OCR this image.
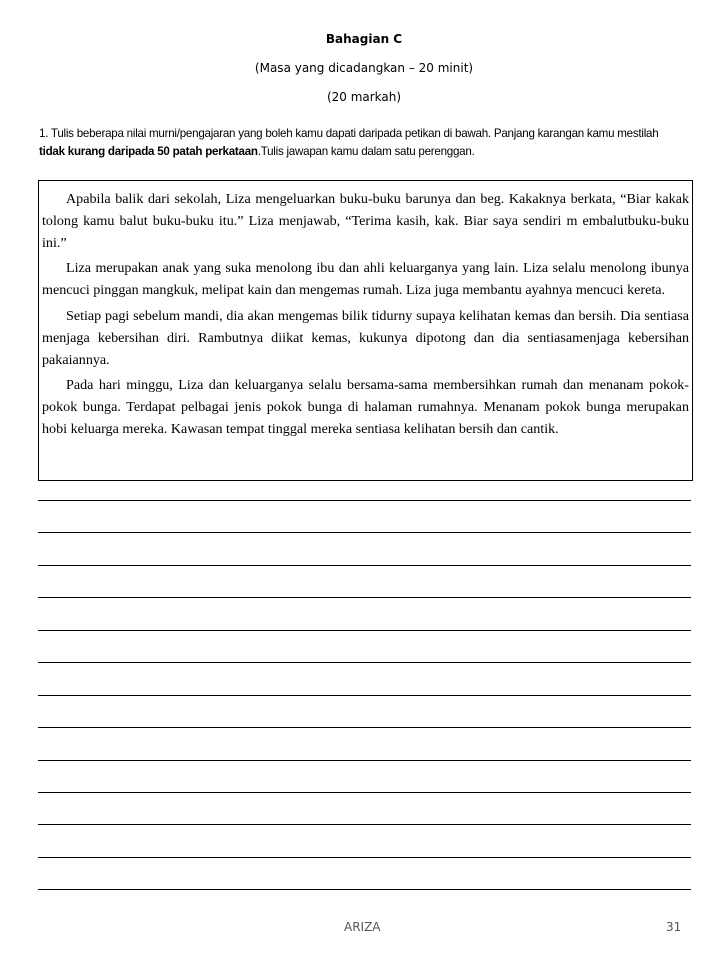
Bahagian C
(Masa yang dicadangkan – 20 minit)
(20 markah)
1. Tulis beberapa nilai murni/pengajaran yang boleh kamu dapati daripada petikan di bawah. Panjang karangan kamu mestilah tidak kurang daripada 50 patah perkataan.Tulis jawapan kamu dalam satu perenggan.

Apabila balik dari sekolah, Liza mengeluarkan buku-buku barunya dan beg. Kakaknya berkata, “Biar kakak tolong kamu balut buku-buku itu.” Liza menjawab, “Terima kasih, kak. Biar saya sendiri m embalutbuku-buku ini.”

Liza merupakan anak yang suka menolong ibu dan ahli keluarganya yang lain. Liza selalu menolong ibunya mencuci pinggan mangkuk, melipat kain dan mengemas rumah. Liza juga membantu ayahnya mencuci kereta.

Setiap pagi sebelum mandi, dia akan mengemas bilik tidurny supaya kelihatan kemas dan bersih. Dia sentiasa menjaga kebersihan diri. Rambutnya diikat kemas, kukunya dipotong dan dia sentiasamenjaga kebersihan pakaiannya.

Pada hari minggu, Liza dan keluarganya selalu bersama-sama membersihkan rumah dan menanam pokok-pokok bunga. Terdapat pelbagai jenis pokok bunga di halaman rumahnya. Menanam pokok bunga merupakan hobi keluarga mereka. Kawasan tempat tinggal mereka sentiasa kelihatan bersih dan cantik.

ARIZA	31
